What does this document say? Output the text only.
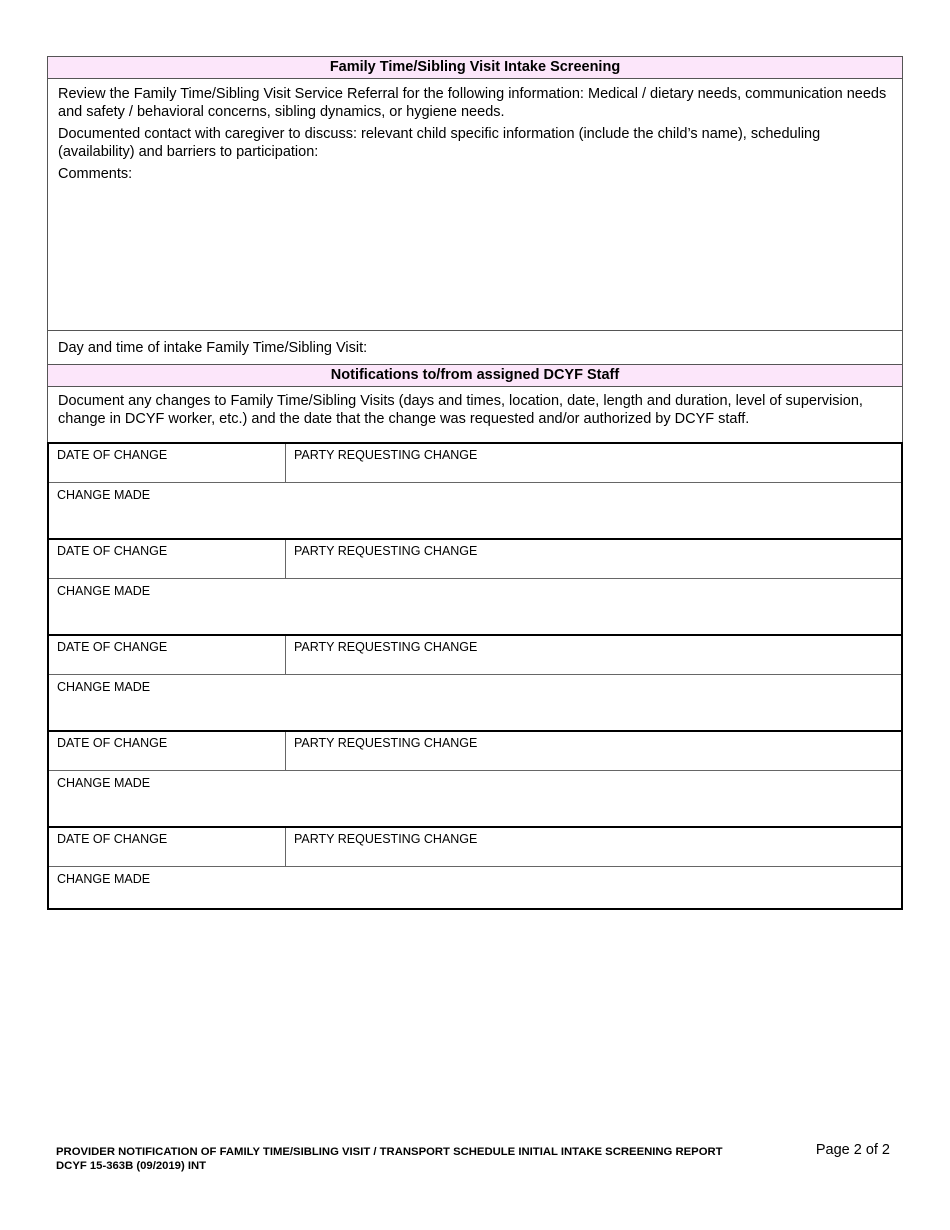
Family Time/Sibling Visit Intake Screening

Review the Family Time/Sibling Visit Service Referral for the following information: Medical / dietary needs, communication needs and safety / behavioral concerns, sibling dynamics, or hygiene needs.

Documented contact with caregiver to discuss: relevant child specific information (include the child’s name), scheduling (availability) and barriers to participation:

Comments:

Day and time of intake Family Time/Sibling Visit:
Notifications to/from assigned DCYF Staff

Document any changes to Family Time/Sibling Visits (days and times, location, date, length and duration, level of supervision, change in DCYF worker, etc.) and the date that the change was requested and/or authorized by DCYF staff.

DATE OF CHANGE	PARTY REQUESTING CHANGE
CHANGE MADE
DATE OF CHANGE	PARTY REQUESTING CHANGE
CHANGE MADE
DATE OF CHANGE	PARTY REQUESTING CHANGE
CHANGE MADE
DATE OF CHANGE	PARTY REQUESTING CHANGE
CHANGE MADE
DATE OF CHANGE	PARTY REQUESTING CHANGE
CHANGE MADE
PROVIDER NOTIFICATION OF FAMILY TIME/SIBLING VISIT / TRANSPORT SCHEDULE INITIAL INTAKE SCREENING REPORT
DCYF 15-363B (09/2019) INT
Page 2 of 2
